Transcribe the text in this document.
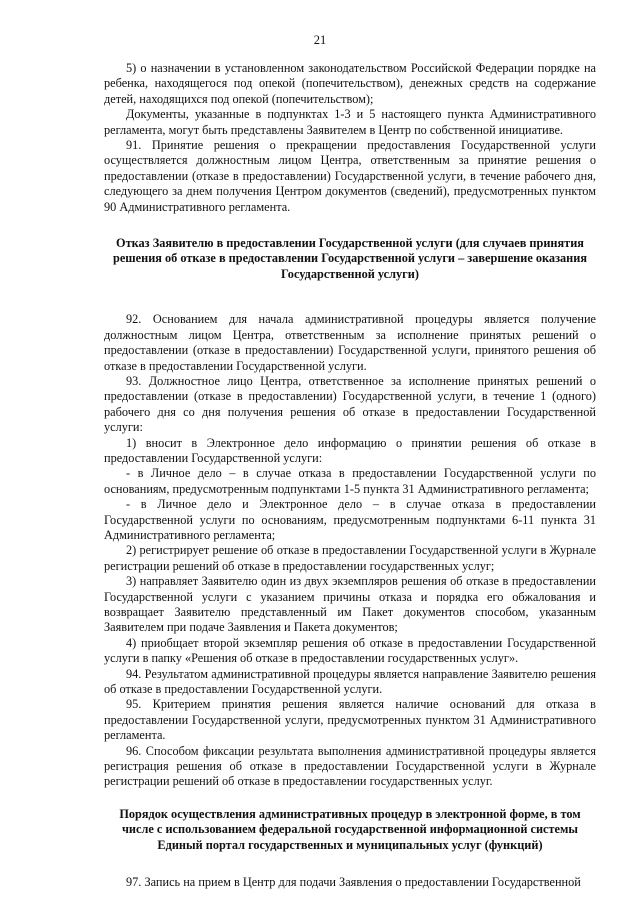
21

5) о назначении в установленном законодательством Российской Федерации порядке на ребенка, находящегося под опекой (попечительством), денежных средств на содержание детей, находящихся под опекой (попечительством);

Документы, указанные в подпунктах 1-3 и 5 настоящего пункта Административного регламента, могут быть представлены Заявителем в Центр по собственной инициативе.

91. Принятие решения о прекращении предоставления Государственной услуги осуществляется должностным лицом Центра, ответственным за принятие решения о предоставлении (отказе в предоставлении) Государственной услуги, в течение рабочего дня, следующего за днем получения Центром документов (сведений), предусмотренных пунктом 90 Административного регламента.

Отказ Заявителю в предоставлении Государственной услуги (для случаев принятия решения об отказе в предоставлении Государственной услуги – завершение оказания Государственной услуги)

92. Основанием для начала административной процедуры является получение должностным лицом Центра, ответственным за исполнение принятых решений о предоставлении (отказе в предоставлении) Государственной услуги, принятого решения об отказе в предоставлении Государственной услуги.

93. Должностное лицо Центра, ответственное за исполнение принятых решений о предоставлении (отказе в предоставлении) Государственной услуги, в течение 1 (одного) рабочего дня со дня получения решения об отказе в предоставлении Государственной услуги:

1) вносит в Электронное дело информацию о принятии решения об отказе в предоставлении Государственной услуги:

- в Личное дело – в случае отказа в предоставлении Государственной услуги по основаниям, предусмотренным подпунктами 1-5 пункта 31 Административного регламента;

- в Личное дело и Электронное дело – в случае отказа в предоставлении Государственной услуги по основаниям, предусмотренным подпунктами 6-11 пункта 31 Административного регламента;

2) регистрирует решение об отказе в предоставлении Государственной услуги в Журнале регистрации решений об отказе в предоставлении государственных услуг;

3) направляет Заявителю один из двух экземпляров решения об отказе в предоставлении Государственной услуги с указанием причины отказа и порядка его обжалования и возвращает Заявителю представленный им Пакет документов способом, указанным Заявителем при подаче Заявления и Пакета документов;

4) приобщает второй экземпляр решения об отказе в предоставлении Государственной услуги в папку «Решения об отказе в предоставлении государственных услуг».

94. Результатом административной процедуры является направление Заявителю решения об отказе в предоставлении Государственной услуги.

95. Критерием принятия решения является наличие оснований для отказа в предоставлении Государственной услуги, предусмотренных пунктом 31 Административного регламента.

96. Способом фиксации результата выполнения административной процедуры является регистрация решения об отказе в предоставлении Государственной услуги в Журнале регистрации решений об отказе в предоставлении государственных услуг.

Порядок осуществления административных процедур в электронной форме, в том числе с использованием федеральной государственной информационной системы Единый портал государственных и муниципальных услуг (функций)

97. Запись на прием в Центр для подачи Заявления о предоставлении Государственной
